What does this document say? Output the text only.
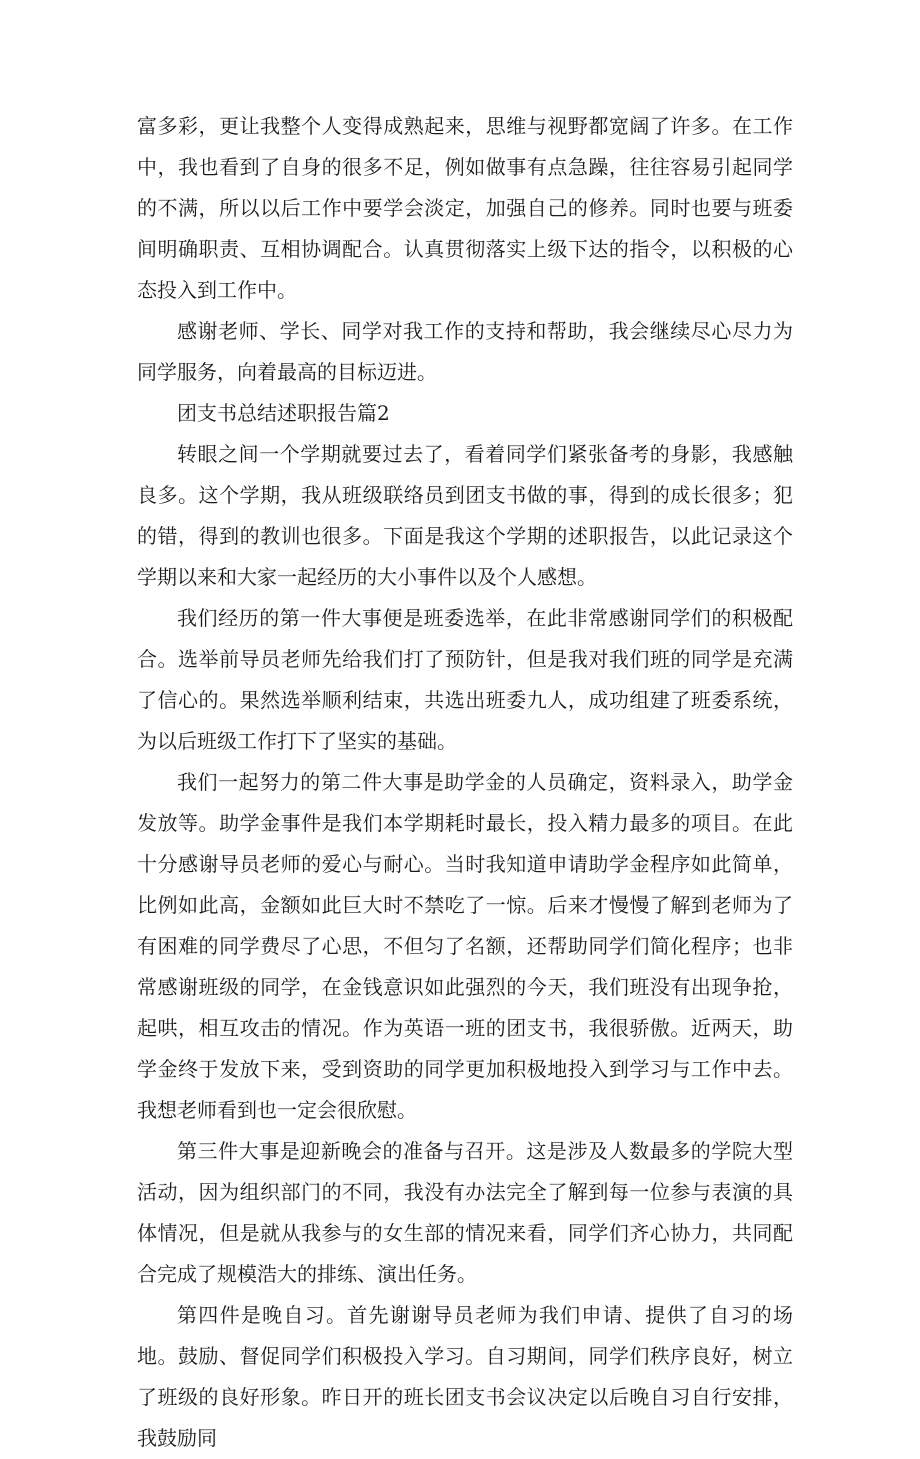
富多彩，更让我整个人变得成熟起来，思维与视野都宽阔了许多。在工作中，我也看到了自身的很多不足，例如做事有点急躁，往往容易引起同学的不满，所以以后工作中要学会淡定，加强自己的修养。同时也要与班委间明确职责、互相协调配合。认真贯彻落实上级下达的指令，以积极的心态投入到工作中。

感谢老师、学长、同学对我工作的支持和帮助，我会继续尽心尽力为同学服务，向着最高的目标迈进。

团支书总结述职报告篇2

转眼之间一个学期就要过去了，看着同学们紧张备考的身影，我感触良多。这个学期，我从班级联络员到团支书做的事，得到的成长很多；犯的错，得到的教训也很多。下面是我这个学期的述职报告，以此记录这个学期以来和大家一起经历的大小事件以及个人感想。

我们经历的第一件大事便是班委选举，在此非常感谢同学们的积极配合。选举前导员老师先给我们打了预防针，但是我对我们班的同学是充满了信心的。果然选举顺利结束，共选出班委九人，成功组建了班委系统，为以后班级工作打下了坚实的基础。

我们一起努力的第二件大事是助学金的人员确定，资料录入，助学金发放等。助学金事件是我们本学期耗时最长，投入精力最多的项目。在此十分感谢导员老师的爱心与耐心。当时我知道申请助学金程序如此简单，比例如此高，金额如此巨大时不禁吃了一惊。后来才慢慢了解到老师为了有困难的同学费尽了心思，不但匀了名额，还帮助同学们简化程序；也非常感谢班级的同学，在金钱意识如此强烈的今天，我们班没有出现争抢，起哄，相互攻击的情况。作为英语一班的团支书，我很骄傲。近两天，助学金终于发放下来，受到资助的同学更加积极地投入到学习与工作中去。我想老师看到也一定会很欣慰。

第三件大事是迎新晚会的准备与召开。这是涉及人数最多的学院大型活动，因为组织部门的不同，我没有办法完全了解到每一位参与表演的具体情况，但是就从我参与的女生部的情况来看，同学们齐心协力，共同配合完成了规模浩大的排练、演出任务。

第四件是晚自习。首先谢谢导员老师为我们申请、提供了自习的场地。鼓励、督促同学们积极投入学习。自习期间，同学们秩序良好，树立了班级的良好形象。昨日开的班长团支书会议决定以后晚自习自行安排，我鼓励同
